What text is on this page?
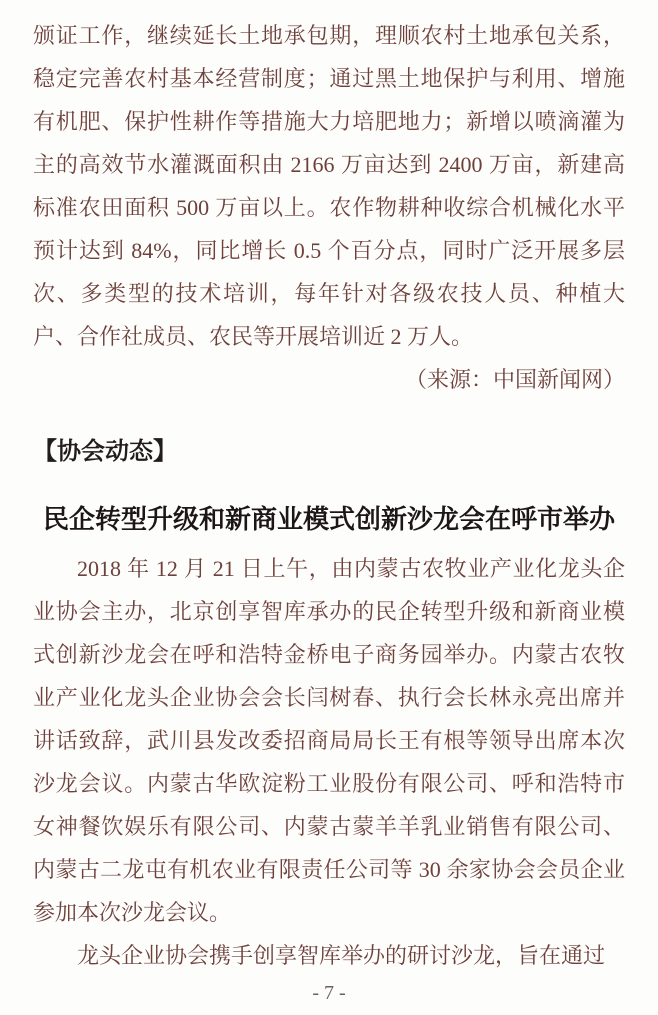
颁证工作，继续延长土地承包期，理顺农村土地承包关系，稳定完善农村基本经营制度；通过黑土地保护与利用、增施有机肥、保护性耕作等措施大力培肥地力；新增以喷滴灌为主的高效节水灌溉面积由 2166 万亩达到 2400 万亩，新建高标准农田面积 500 万亩以上。农作物耕种收综合机械化水平预计达到 84%，同比增长 0.5 个百分点，同时广泛开展多层次、多类型的技术培训，每年针对各级农技人员、种植大户、合作社成员、农民等开展培训近 2 万人。

（来源：中国新闻网）

【协会动态】
民企转型升级和新商业模式创新沙龙会在呼市举办

2018 年 12 月 21 日上午，由内蒙古农牧业产业化龙头企业协会主办，北京创享智库承办的民企转型升级和新商业模式创新沙龙会在呼和浩特金桥电子商务园举办。内蒙古农牧业产业化龙头企业协会会长闫树春、执行会长林永亮出席并讲话致辞，武川县发改委招商局局长王有根等领导出席本次沙龙会议。内蒙古华欧淀粉工业股份有限公司、呼和浩特市女神餐饮娱乐有限公司、内蒙古蒙羊羊乳业销售有限公司、内蒙古二龙屯有机农业有限责任公司等 30 余家协会会员企业参加本次沙龙会议。

龙头企业协会携手创享智库举办的研讨沙龙，旨在通过

- 7 -
